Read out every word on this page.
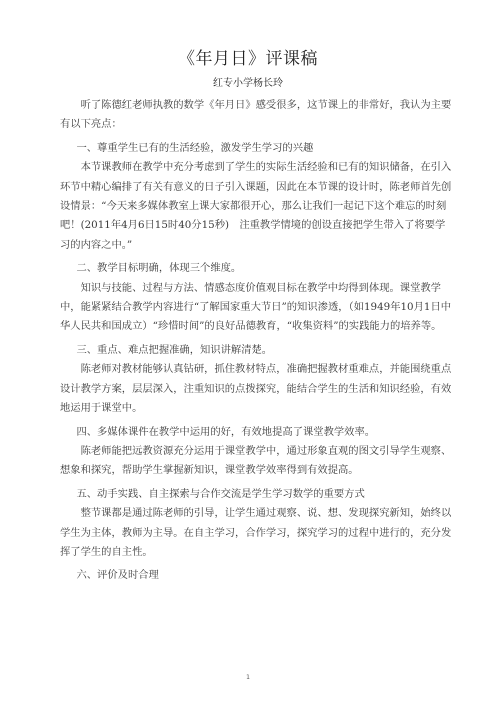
《年月日》评课稿
红专小学杨长玲

听了陈德红老师执教的数学《年月日》感受很多，这节课上的非常好，我认为主要有以下亮点：

一、尊重学生已有的生活经验，激发学生学习的兴趣

本节课教师在教学中充分考虑到了学生的实际生活经验和已有的知识储备，在引入环节中精心编排了有关有意义的日子引入课题，因此在本节课的设计时，陈老师首先创设情景：“今天来多媒体教室上课大家都很开心，那么让我们一起记下这个难忘的时刻吧！(2011年4月6日15时40分15秒)　注重教学情境的创设直接把学生带入了将要学习的内容之中。”

二、教学目标明确，体现三个维度。

知识与技能、过程与方法、情感态度价值观目标在教学中均得到体现。课堂教学中，能紧紧结合教学内容进行“了解国家重大节日”的知识渗透，（如1949年10月1日中华人民共和国成立）“珍惜时间”的良好品德教育，“收集资料”的实践能力的培养等。

三、重点、难点把握准确，知识讲解清楚。

陈老师对教材能够认真钻研，抓住教材特点，准确把握教材重难点，并能围绕重点设计教学方案，层层深入，注重知识的点拨探究，能结合学生的生活和知识经验，有效地运用于课堂中。

四、多媒体课件在教学中运用的好，有效地提高了课堂教学效率。

陈老师能把远教资源充分运用于课堂教学中，通过形象直观的图文引导学生观察、想象和探究，帮助学生掌握新知识，课堂教学效率得到有效提高。

五、动手实践、自主探索与合作交流是学生学习数学的重要方式

整节课都是通过陈老师的引导，让学生通过观察、说、想、发现探究新知，始终以学生为主体，教师为主导。在自主学习，合作学习，探究学习的过程中进行的，充分发挥了学生的自主性。

六、评价及时合理

1
